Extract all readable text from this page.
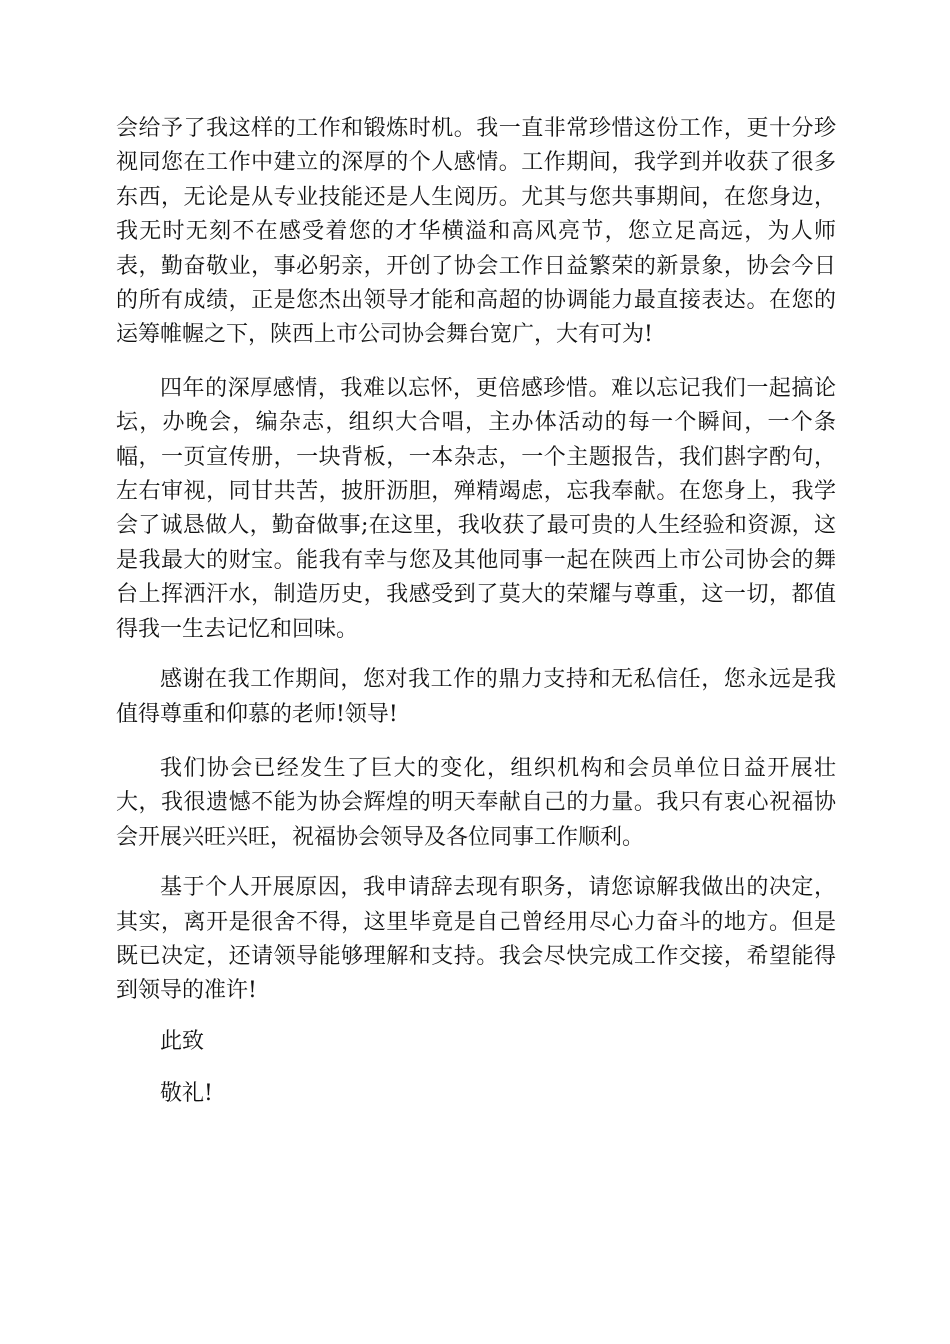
会给予了我这样的工作和锻炼时机。我一直非常珍惜这份工作，更十分珍视同您在工作中建立的深厚的个人感情。工作期间，我学到并收获了很多东西，无论是从专业技能还是人生阅历。尤其与您共事期间，在您身边，我无时无刻不在感受着您的才华横溢和高风亮节，您立足高远，为人师表，勤奋敬业，事必躬亲，开创了协会工作日益繁荣的新景象，协会今日的所有成绩，正是您杰出领导才能和高超的协调能力最直接表达。在您的运筹帷幄之下，陕西上市公司协会舞台宽广，大有可为!

四年的深厚感情，我难以忘怀，更倍感珍惜。难以忘记我们一起搞论坛，办晚会，编杂志，组织大合唱，主办体活动的每一个瞬间，一个条幅，一页宣传册，一块背板，一本杂志，一个主题报告，我们斟字酌句，左右审视，同甘共苦，披肝沥胆，殚精竭虑，忘我奉献。在您身上，我学会了诚恳做人，勤奋做事;在这里，我收获了最可贵的人生经验和资源，这是我最大的财宝。能我有幸与您及其他同事一起在陕西上市公司协会的舞台上挥洒汗水，制造历史，我感受到了莫大的荣耀与尊重，这一切，都值得我一生去记忆和回味。

感谢在我工作期间，您对我工作的鼎力支持和无私信任，您永远是我值得尊重和仰慕的老师!领导!

我们协会已经发生了巨大的变化，组织机构和会员单位日益开展壮大，我很遗憾不能为协会辉煌的明天奉献自己的力量。我只有衷心祝福协会开展兴旺兴旺，祝福协会领导及各位同事工作顺利。

基于个人开展原因，我申请辞去现有职务，请您谅解我做出的决定，其实，离开是很舍不得，这里毕竟是自己曾经用尽心力奋斗的地方。但是既已决定，还请领导能够理解和支持。我会尽快完成工作交接，希望能得到领导的准许!

此致

敬礼!
